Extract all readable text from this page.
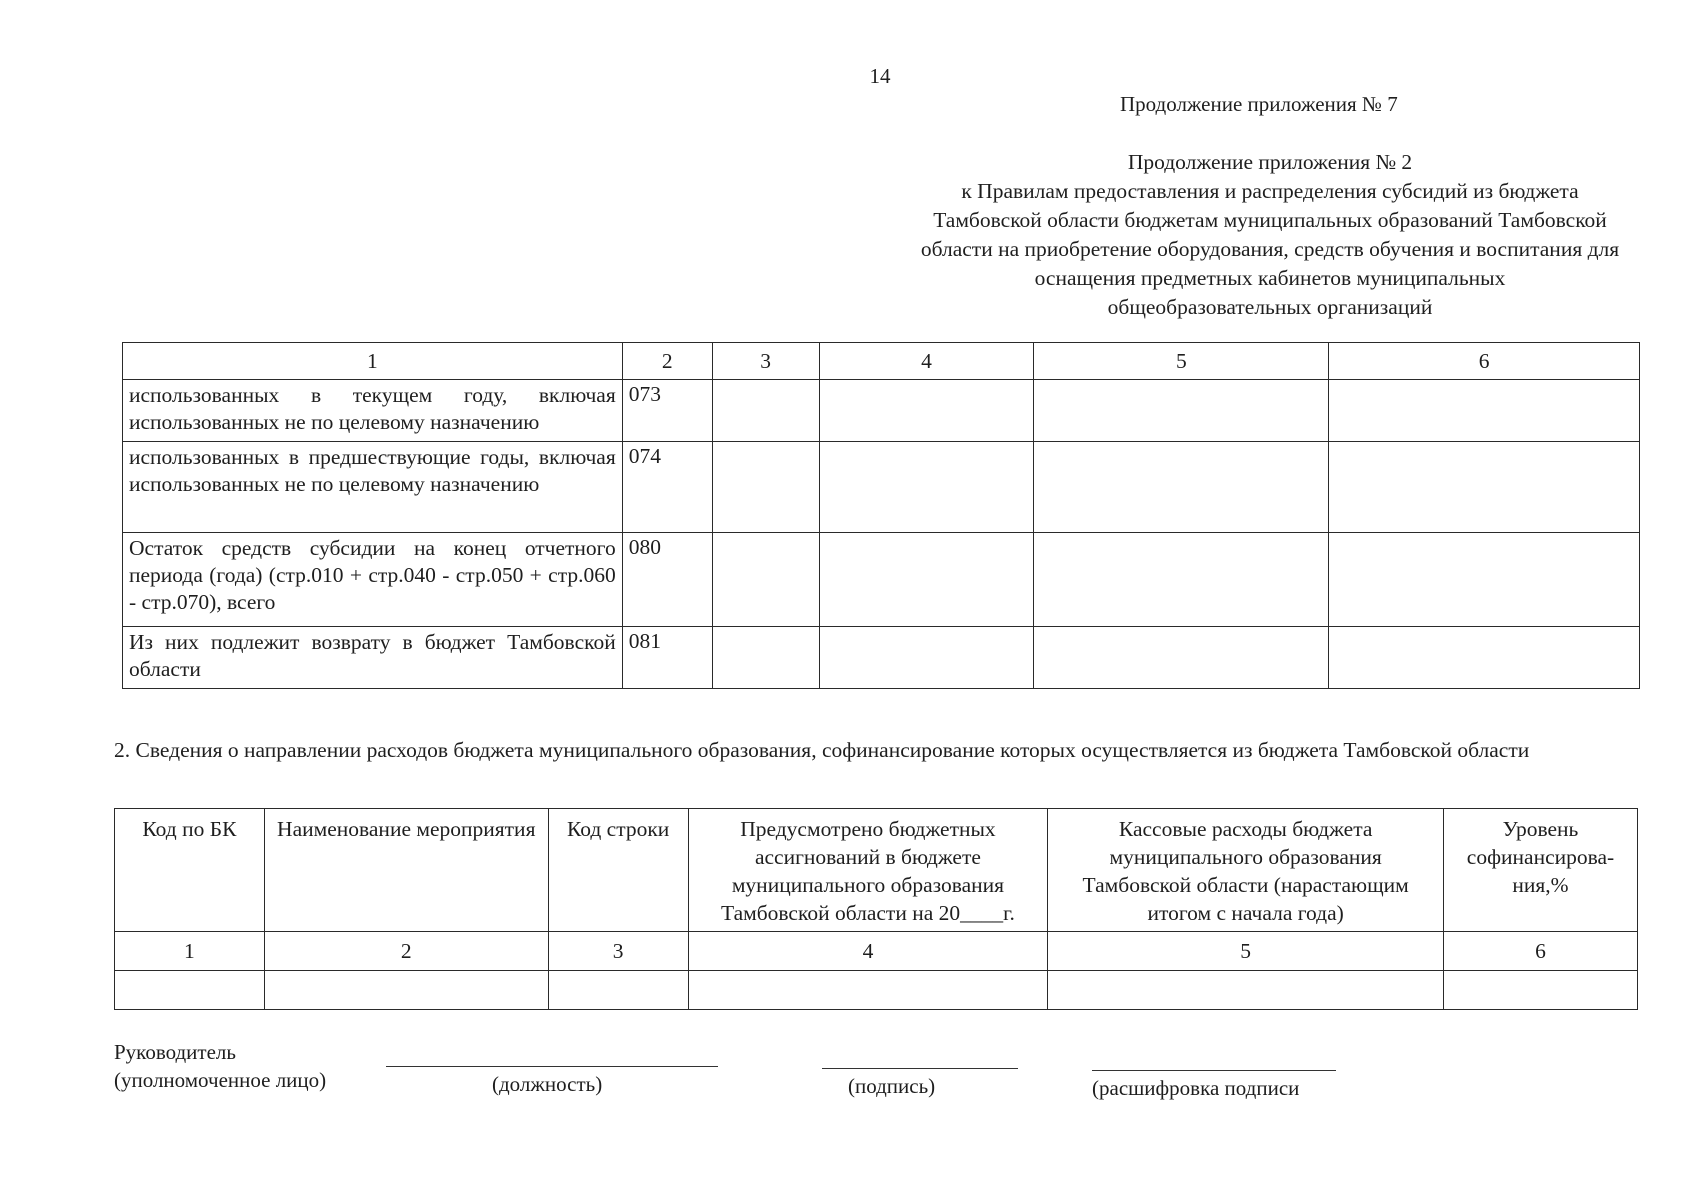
14
Продолжение приложения № 7
Продолжение приложения № 2
к Правилам предоставления и распределения субсидий из бюджета
Тамбовской области бюджетам муниципальных образований Тамбовской
области на приобретение оборудования, средств обучения и воспитания для
оснащения предметных кабинетов муниципальных
общеобразовательных организаций
1	2	3	4	5	6
использованных в текущем году, включая использованных не по целевому назначению	073				
использованных в предшествующие годы, включая использованных не по целевому назначению	074				
Остаток средств субсидии на конец отчетного периода (года) (стр.010 + стр.040 - стр.050 + стр.060 - стр.070), всего	080				
Из них подлежит возврату в бюджет Тамбовской области	081				
2. Сведения о направлении расходов бюджета муниципального образования, софинансирование которых осуществляется из бюджета Тамбовской области
Код по БК	Наименование мероприятия	Код строки	Предусмотрено бюджетных ассигнований в бюджете муниципального образования Тамбовской области на 20____г.	Кассовые расходы бюджета муниципального образования Тамбовской области (нарастающим итогом с начала года)	Уровень софинансирова-ния,%
1	2	3	4	5	6

Руководитель
(уполномоченное лицо)	(должность)	(подпись)	(расшифровка подписи
